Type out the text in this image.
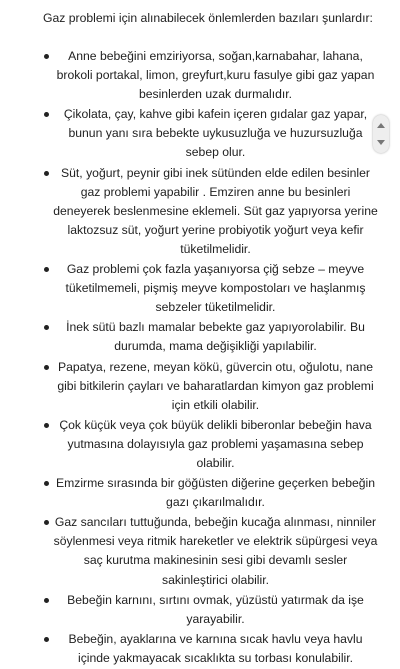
Gaz problemi için alınabilecek önlemlerden bazıları şunlardır:

Anne bebeğini emziriyorsa, soğan,karnabahar, lahana, brokoli portakal, limon, greyfurt,kuru fasulye gibi gaz yapan besinlerden uzak durmalıdır.
Çikolata, çay, kahve gibi kafein içeren gıdalar gaz yapar, bunun yanı sıra bebekte uykusuzluğa ve huzursuzluğa sebep olur.
Süt, yoğurt, peynir gibi inek sütünden elde edilen besinler gaz problemi yapabilir . Emziren anne bu besinleri deneyerek beslenmesine eklemeli. Süt gaz yapıyorsa yerine laktozsuz süt, yoğurt yerine probiyotik yoğurt veya kefir tüketilmelidir.
Gaz problemi çok fazla yaşanıyorsa çiğ sebze – meyve tüketilmemeli, pişmiş meyve kompostoları ve haşlanmış sebzeler tüketilmelidir.
İnek sütü bazlı mamalar bebekte gaz yapıyorolabilir. Bu durumda, mama değişikliği yapılabilir.
Papatya, rezene, meyan kökü, güvercin otu, oğulotu, nane gibi bitkilerin çayları ve baharatlardan kimyon gaz problemi için etkili olabilir.
Çok küçük veya çok büyük delikli biberonlar bebeğin hava yutmasına dolayısıyla gaz problemi yaşamasına sebep olabilir.
Emzirme sırasında bir göğüsten diğerine geçerken bebeğin gazı çıkarılmalıdır.
Gaz sancıları tuttuğunda, bebeğin kucağa alınması, ninniler söylenmesi veya ritmik hareketler ve elektrik süpürgesi veya saç kurutma makinesinin sesi gibi devamlı sesler sakinleştirici olabilir.
Bebeğin karnını, sırtını ovmak, yüzüstü yatırmak da işe yarayabilir.
Bebeğin, ayaklarına ve karnına sıcak havlu veya havlu içinde yakmayacak sıcaklıkta su torbası konulabilir.
